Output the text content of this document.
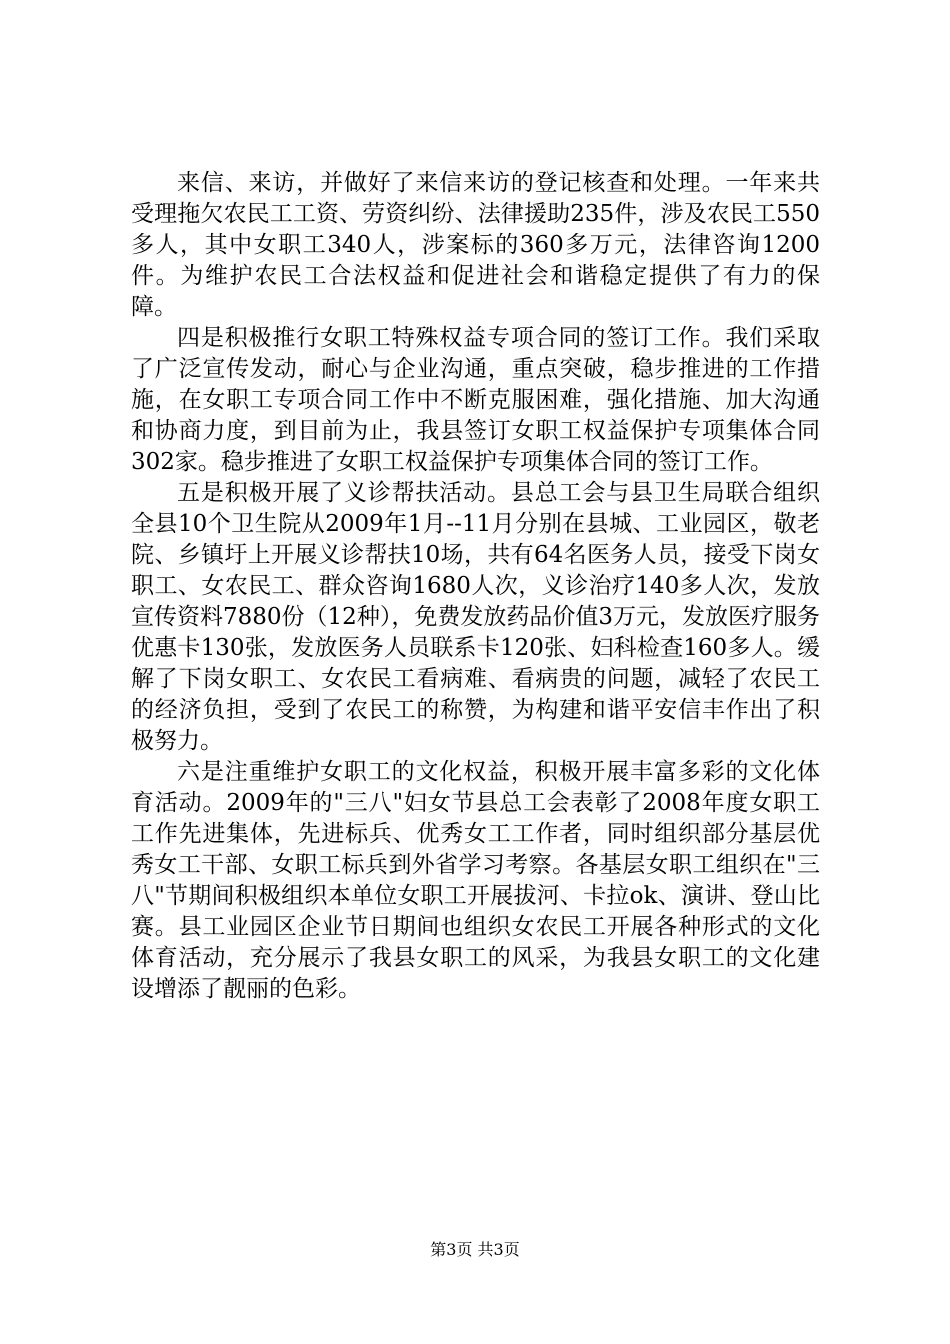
来信、来访，并做好了来信来访的登记核查和处理。一年来共受理拖欠农民工工资、劳资纠纷、法律援助235件，涉及农民工550多人，其中女职工340人，涉案标的360多万元，法律咨询1200件。为维护农民工合法权益和促进社会和谐稳定提供了有力的保障。

四是积极推行女职工特殊权益专项合同的签订工作。我们采取了广泛宣传发动，耐心与企业沟通，重点突破，稳步推进的工作措施，在女职工专项合同工作中不断克服困难，强化措施、加大沟通和协商力度，到目前为止，我县签订女职工权益保护专项集体合同302家。稳步推进了女职工权益保护专项集体合同的签订工作。

五是积极开展了义诊帮扶活动。县总工会与县卫生局联合组织全县10个卫生院从2009年1月--11月分别在县城、工业园区，敬老院、乡镇圩上开展义诊帮扶10场，共有64名医务人员，接受下岗女职工、女农民工、群众咨询1680人次，义诊治疗140多人次，发放宣传资料7880份（12种），免费发放药品价值3万元，发放医疗服务优惠卡130张，发放医务人员联系卡120张、妇科检查160多人。缓解了下岗女职工、女农民工看病难、看病贵的问题，减轻了农民工的经济负担，受到了农民工的称赞，为构建和谐平安信丰作出了积极努力。

六是注重维护女职工的文化权益，积极开展丰富多彩的文化体育活动。2009年的"三八"妇女节县总工会表彰了2008年度女职工工作先进集体，先进标兵、优秀女工工作者，同时组织部分基层优秀女工干部、女职工标兵到外省学习考察。各基层女职工组织在"三八"节期间积极组织本单位女职工开展拔河、卡拉ok、演讲、登山比赛。县工业园区企业节日期间也组织女农民工开展各种形式的文化体育活动，充分展示了我县女职工的风采，为我县女职工的文化建设增添了靓丽的色彩。

第3页 共3页
